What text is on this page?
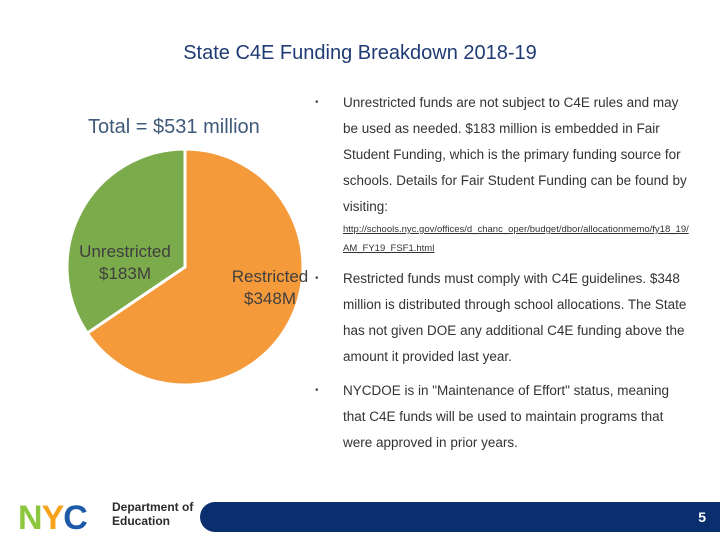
State C4E Funding Breakdown 2018-19
Total = $531 million
Unrestricted
$183M	Restricted
$348M
• Unrestricted funds are not subject to C4E rules and may be used as needed. $183 million is embedded in Fair Student Funding, which is the primary funding source for schools. Details for Fair Student Funding can be found by visiting:
http://schools.nyc.gov/offices/d_chanc_oper/budget/dbor/allocationmemo/fy18_19/AM_FY19_FSF1.html
• Restricted funds must comply with C4E guidelines. $348 million is distributed through school allocations. The State has not given DOE any additional C4E funding above the amount it provided last year.
• NYCDOE is in "Maintenance of Effort" status, meaning that C4E funds will be used to maintain programs that were approved in prior years.
NYC Department of
Education	5
